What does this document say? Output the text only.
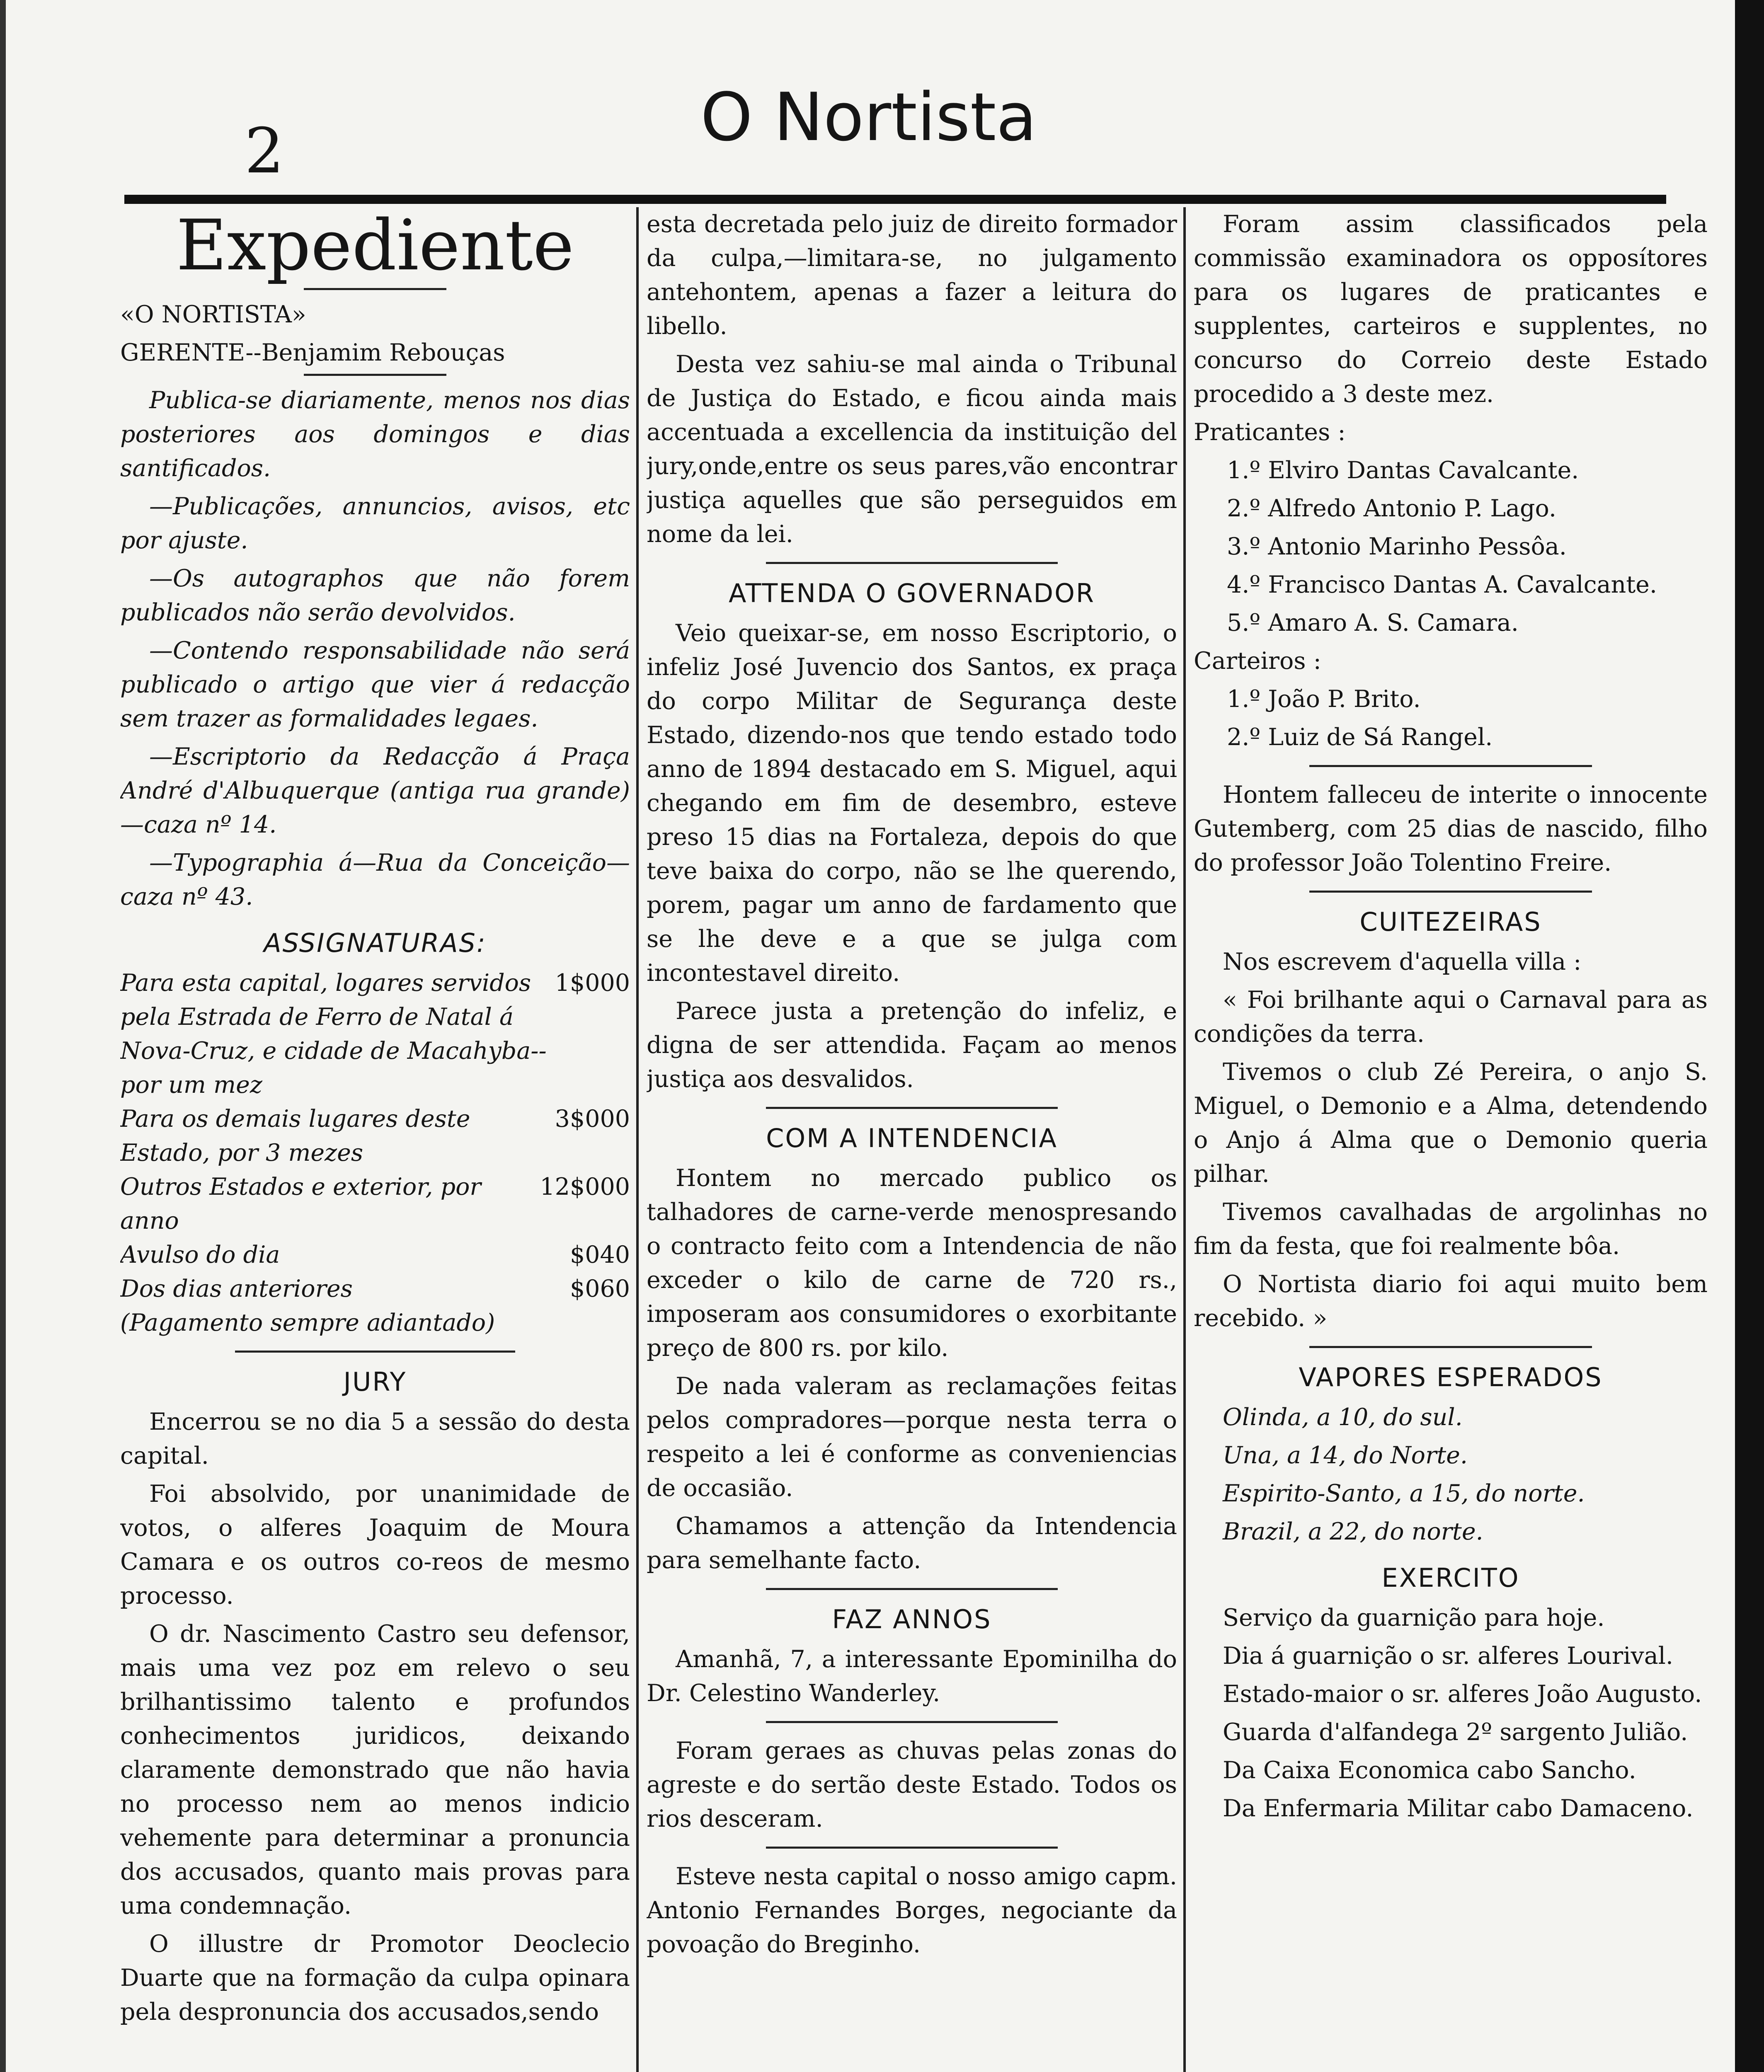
2	O Nortista
Expediente

«O NORTISTA»

GERENTE--Benjamim Rebouças

Publica-se diariamente, menos nos dias posteriores aos domingos e dias santificados.

—Publicações, annuncios, avisos, etc por ajuste.

—Os autographos que não forem publicados não serão devolvidos.

—Contendo responsabilidade não será publicado o artigo que vier á redacção sem trazer as formalidades legaes.

—Escriptorio da Redacção á Praça André d'Albuquerque (antiga rua grande)—caza nº 14.

—Typographia á—Rua da Conceição—caza nº 43.

ASSIGNATURAS:
Para esta capital, logares servidos pela Estrada de Ferro de Natal á Nova-Cruz, e cidade de Macahyba--por um mez
1$000
Para os demais lugares deste Estado, por 3 mezes
3$000
Outros Estados e exterior, por anno
12$000
Avulso do dia	$040
Dos dias anteriores	$060

(Pagamento sempre adiantado)

JURY

Encerrou se no dia 5 a sessão do desta capital.

Foi absolvido, por unanimidade de votos, o alferes Joaquim de Moura Camara e os outros co-reos de mesmo processo.

O dr. Nascimento Castro seu defensor, mais uma vez poz em relevo o seu brilhantissimo talento e profundos conhecimentos juridicos, deixando claramente demonstrado que não havia no processo nem ao menos indicio vehemente para determinar a pronuncia dos accusados, quanto mais provas para uma condemnação.

O illustre dr Promotor Deoclecio Duarte que na formação da culpa opinara pela despronuncia dos accusados,sendo

esta decretada pelo juiz de direito formador da culpa,—limitara-se, no julgamento antehontem, apenas a fazer a leitura do libello.

Desta vez sahiu-se mal ainda o Tribunal de Justiça do Estado, e ficou ainda mais accentuada a excellencia da instituição del jury,onde,entre os seus pares,vão encontrar justiça aquelles que são perseguidos em nome da lei.

ATTENDA O GOVERNADOR

Veio queixar-se, em nosso Escriptorio, o infeliz José Juvencio dos Santos, ex praça do corpo Militar de Segurança deste Estado, dizendo-nos que tendo estado todo anno de 1894 destacado em S. Miguel, aqui chegando em fim de desembro, esteve preso 15 dias na Fortaleza, depois do que teve baixa do corpo, não se lhe querendo, porem, pagar um anno de fardamento que se lhe deve e a que se julga com incontestavel direito.

Parece justa a pretenção do infeliz, e digna de ser attendida. Façam ao menos justiça aos desvalidos.

COM A INTENDENCIA

Hontem no mercado publico os talhadores de carne-verde menospresando o contracto feito com a Intendencia de não exceder o kilo de carne de 720 rs., imposeram aos consumidores o exorbitante preço de 800 rs. por kilo.

De nada valeram as reclamações feitas pelos compradores—porque nesta terra o respeito a lei é conforme as conveniencias de occasião.

Chamamos a attenção da Intendencia para semelhante facto.

FAZ ANNOS

Amanhã, 7, a interessante Epominilha do Dr. Celestino Wanderley.

Foram geraes as chuvas pelas zonas do agreste e do sertão deste Estado. Todos os rios desceram.

Esteve nesta capital o nosso amigo capm. Antonio Fernandes Borges, negociante da povoação do Breginho.

Foram assim classificados pela commissão examinadora os opposítores para os lugares de praticantes e supplentes, carteiros e supplentes, no concurso do Correio deste Estado procedido a 3 deste mez.

Praticantes :

1.º Elviro Dantas Cavalcante.

2.º Alfredo Antonio P. Lago.

3.º Antonio Marinho Pessôa.

4.º Francisco Dantas A. Cavalcante.

5.º Amaro A. S. Camara.

Carteiros :

1.º João P. Brito.

2.º Luiz de Sá Rangel.

Hontem falleceu de interite o innocente Gutemberg, com 25 dias de nascido, filho do professor João Tolentino Freire.

CUITEZEIRAS

Nos escrevem d'aquella villa :

« Foi brilhante aqui o Carnaval para as condições da terra.

Tivemos o club Zé Pereira, o anjo S. Miguel, o Demonio e a Alma, detendendo o Anjo á Alma que o Demonio queria pilhar.

Tivemos cavalhadas de argolinhas no fim da festa, que foi realmente bôa.

O Nortista diario foi aqui muito bem recebido. »

VAPORES ESPERADOS

Olinda, a 10, do sul.

Una, a 14, do Norte.

Espirito-Santo, a 15, do norte.

Brazil, a 22, do norte.

EXERCITO

Serviço da guarnição para hoje.

Dia á guarnição o sr. alferes Lourival.

Estado-maior o sr. alferes João Augusto.

Guarda d'alfandega 2º sargento Julião.

Da Caixa Economica cabo Sancho.

Da Enfermaria Militar cabo Damaceno.
